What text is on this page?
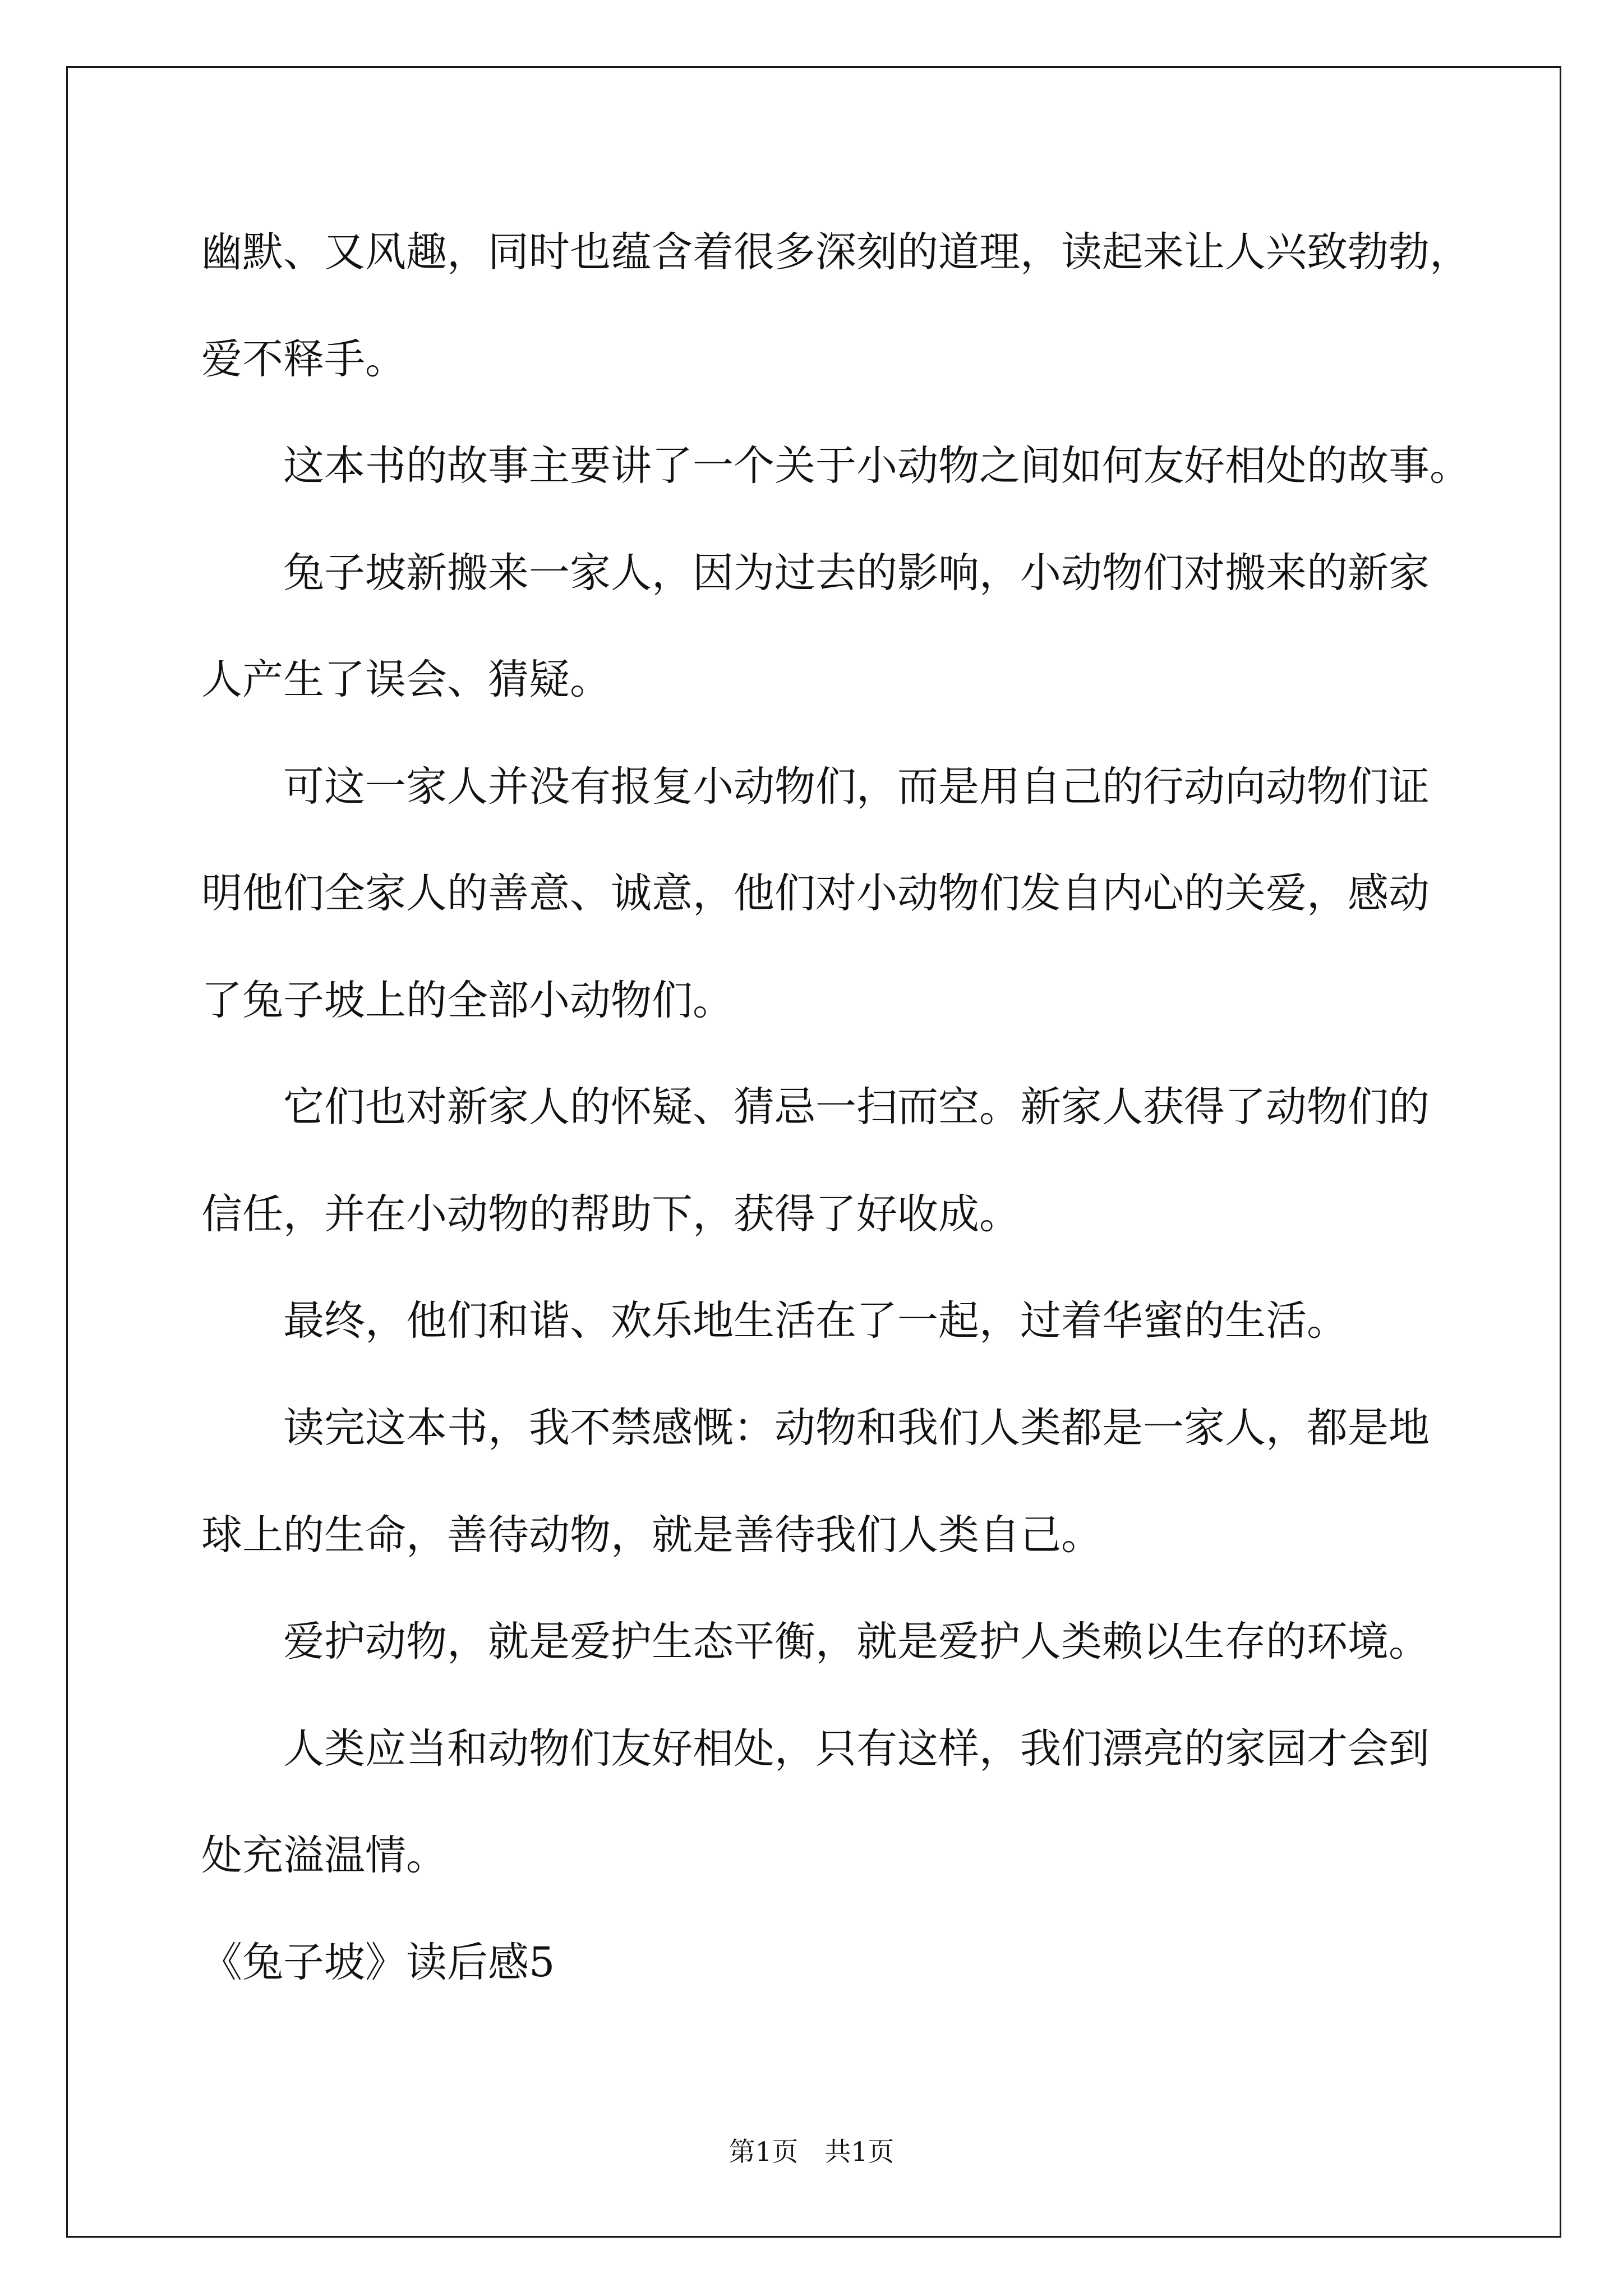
幽默、又风趣，同时也蕴含着很多深刻的道理，读起来让人兴致勃勃，
爱不释手。
这本书的故事主要讲了一个关于小动物之间如何友好相处的故事。
兔子坡新搬来一家人，因为过去的影响，小动物们对搬来的新家
人产生了误会、猜疑。
可这一家人并没有报复小动物们，而是用自己的行动向动物们证
明他们全家人的善意、诚意，他们对小动物们发自内心的关爱，感动
了兔子坡上的全部小动物们。
它们也对新家人的怀疑、猜忌一扫而空。新家人获得了动物们的
信任，并在小动物的帮助下，获得了好收成。
最终，他们和谐、欢乐地生活在了一起，过着华蜜的生活。
读完这本书，我不禁感慨：动物和我们人类都是一家人，都是地
球上的生命，善待动物，就是善待我们人类自己。
爱护动物，就是爱护生态平衡，就是爱护人类赖以生存的环境。
人类应当和动物们友好相处，只有这样，我们漂亮的家园才会到
处充溢温情。
《兔子坡》读后感5
第1页 共1页
